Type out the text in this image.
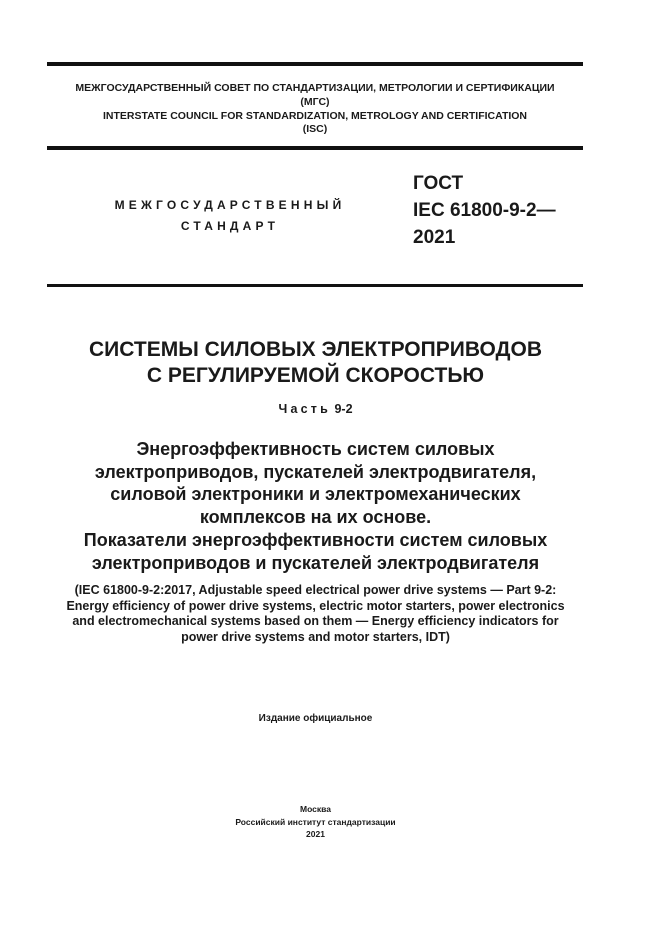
МЕЖГОСУДАРСТВЕННЫЙ СОВЕТ ПО СТАНДАРТИЗАЦИИ, МЕТРОЛОГИИ И СЕРТИФИКАЦИИ
(МГС)
INTERSTATE COUNCIL FOR STANDARDIZATION, METROLOGY AND CERTIFICATION
(ISC)
МЕЖГОСУДАРСТВЕННЫЙ
СТАНДАРТ
ГОСТ
IEC 61800-9-2—
2021
СИСТЕМЫ СИЛОВЫХ ЭЛЕКТРОПРИВОДОВ
С РЕГУЛИРУЕМОЙ СКОРОСТЬЮ
Часть 9-2
Энергоэффективность систем силовых
электроприводов, пускателей электродвигателя,
силовой электроники и электромеханических
комплексов на их основе.
Показатели энергоэффективности систем силовых
электроприводов и пускателей электродвигателя
(IEC 61800-9-2:2017, Adjustable speed electrical power drive systems — Part 9-2:
Energy efficiency of power drive systems, electric motor starters, power electronics
and electromechanical systems based on them — Energy efficiency indicators for
power drive systems and motor starters, IDT)
Издание официальное
Москва
Российский институт стандартизации
2021
